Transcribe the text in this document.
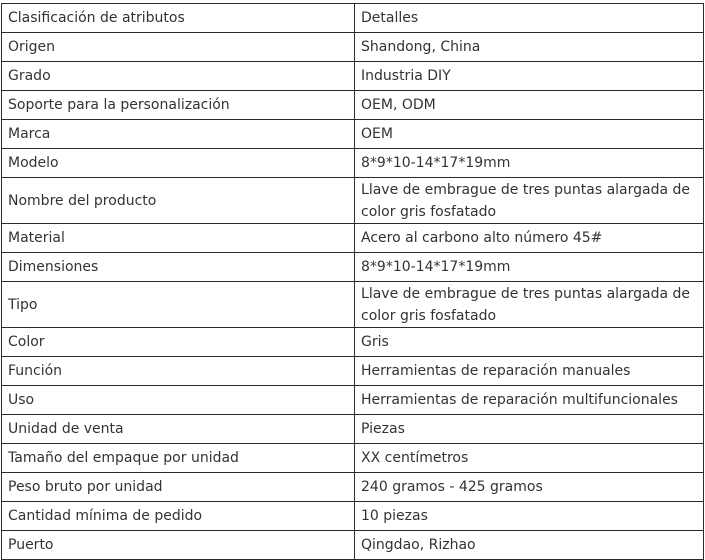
Clasificación de atributos	Detalles
Origen	Shandong, China
Grado	Industria DIY
Soporte para la personalización	OEM, ODM
Marca	OEM
Modelo	8*9*10-14*17*19mm
Nombre del producto	Llave de embrague de tres puntas alargada de color gris fosfatado
Material	Acero al carbono alto número 45#
Dimensiones	8*9*10-14*17*19mm
Tipo	Llave de embrague de tres puntas alargada de color gris fosfatado
Color	Gris
Función	Herramientas de reparación manuales
Uso	Herramientas de reparación multifuncionales
Unidad de venta	Piezas
Tamaño del empaque por unidad	XX centímetros
Peso bruto por unidad	240 gramos - 425 gramos
Cantidad mínima de pedido	10 piezas
Puerto	Qingdao, Rizhao
